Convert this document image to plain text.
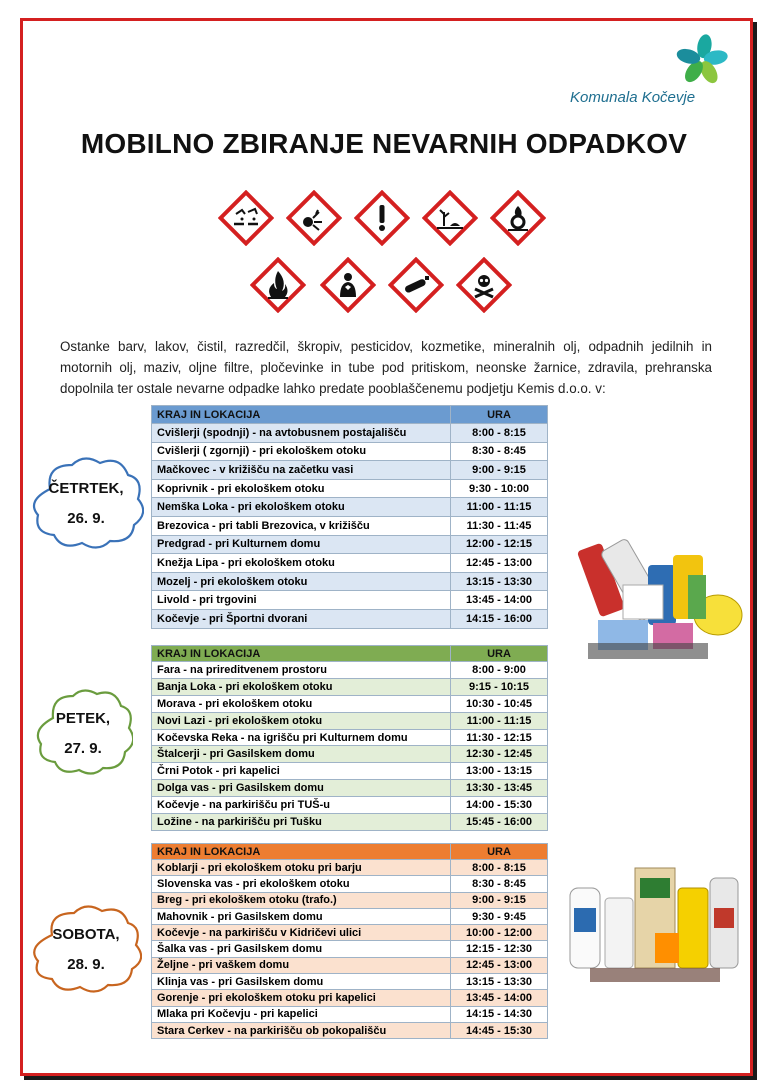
Komunala Kočevje
MOBILNO ZBIRANJE NEVARNIH ODPADKOV

Ostanke barv, lakov, čistil, razredčil, škropiv, pesticidov, kozmetike, mineralnih olj, odpadnih jedilnih in motornih olj, maziv, oljne filtre, pločevinke in tube pod pritiskom, neonske žarnice, zdravila, prehranska dopolnila ter ostale nevarne odpadke lahko predate pooblaščenemu podjetju Kemis d.o.o. v:

KRAJ IN LOKACIJA	URA
Cvišlerji (spodnji) - na avtobusnem postajališču	8:00 - 8:15
Cvišlerji ( zgornji) - pri ekološkem otoku	8:30 - 8:45
Mačkovec - v križišču na začetku vasi	9:00 - 9:15
Koprivnik - pri ekološkem otoku	9:30 - 10:00
Nemška Loka - pri ekološkem otoku	11:00 - 11:15
Brezovica - pri tabli Brezovica, v križišču	11:30 - 11:45
Predgrad - pri Kulturnem domu	12:00 - 12:15
Knežja Lipa - pri ekološkem otoku	12:45 - 13:00
Mozelj - pri ekološkem otoku	13:15 - 13:30
Livold - pri trgovini	13:45 - 14:00
Kočevje - pri Športni dvorani	14:15 - 16:00
KRAJ IN LOKACIJA	URA
Fara - na prireditvenem prostoru	8:00 - 9:00
Banja Loka - pri ekološkem otoku	9:15 - 10:15
Morava - pri ekološkem otoku	10:30 - 10:45
Novi Lazi - pri ekološkem otoku	11:00 - 11:15
Kočevska Reka - na igrišču pri Kulturnem domu	11:30 - 12:15
Štalcerji - pri Gasilskem domu	12:30 - 12:45
Črni Potok - pri kapelici	13:00 - 13:15
Dolga vas - pri Gasilskem domu	13:30 - 13:45
Kočevje - na parkirišču pri TUŠ-u	14:00 - 15:30
Ložine - na parkirišču pri Tušku	15:45 - 16:00
KRAJ IN LOKACIJA	URA
Koblarji - pri ekološkem otoku pri barju	8:00 - 8:15
Slovenska vas - pri ekološkem otoku	8:30 - 8:45
Breg - pri ekološkem otoku (trafo.)	9:00 - 9:15
Mahovnik - pri Gasilskem domu	9:30 - 9:45
Kočevje - na parkirišču v Kidričevi ulici	10:00 - 12:00
Šalka vas - pri Gasilskem domu	12:15 - 12:30
Željne - pri vaškem domu	12:45 - 13:00
Klinja vas - pri Gasilskem domu	13:15 - 13:30
Gorenje - pri ekološkem otoku pri kapelici	13:45 - 14:00
Mlaka pri Kočevju - pri kapelici	14:15 - 14:30
Stara Cerkev - na parkirišču ob pokopališču	14:45 - 15:30
ČETRTEK,
26. 9.
PETEK,
27. 9.
SOBOTA,
28. 9.
